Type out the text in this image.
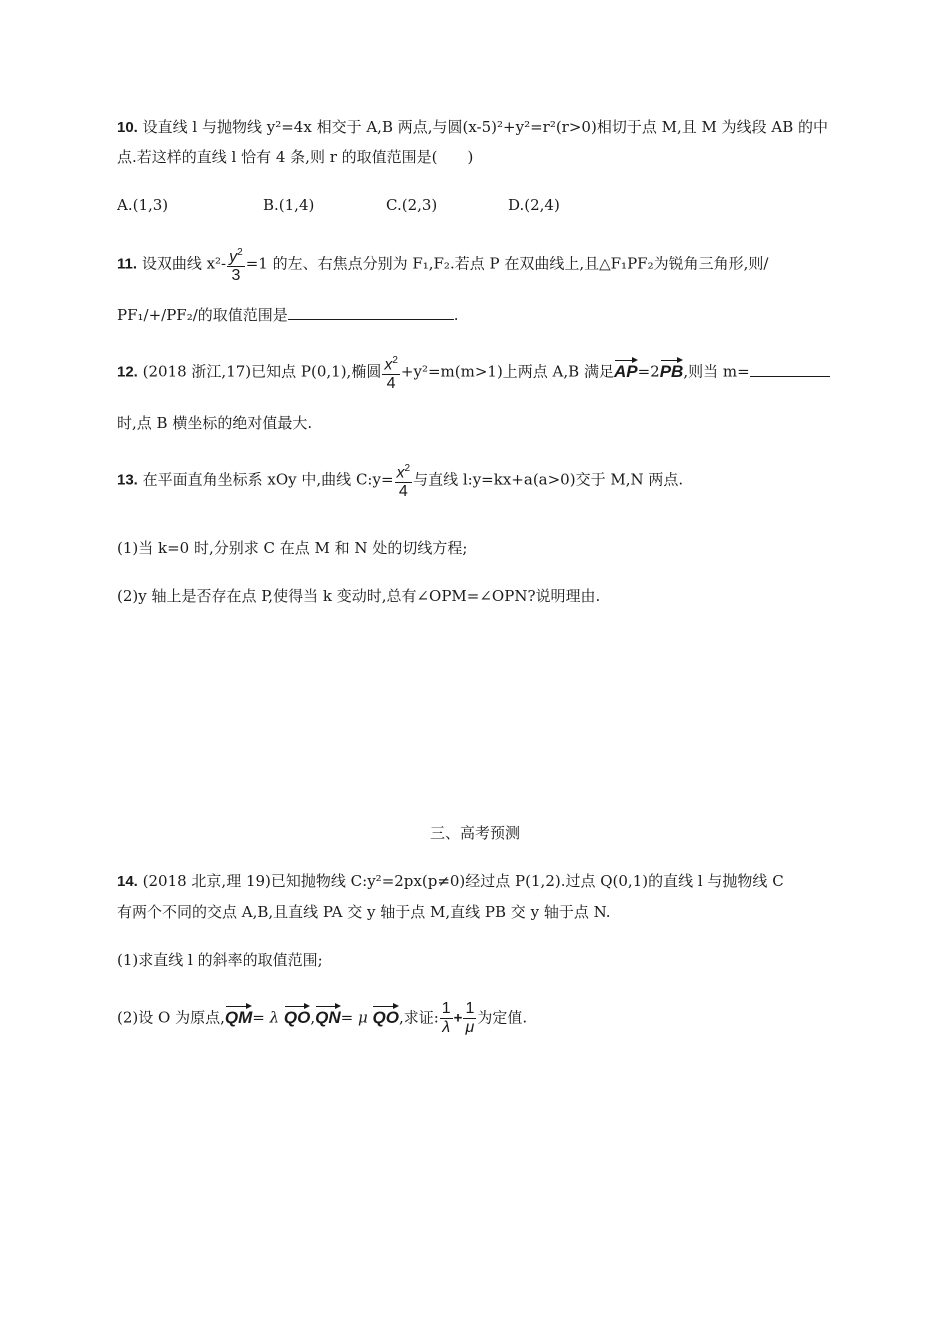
10. 设直线 l 与抛物线 y²=4x 相交于 A,B 两点,与圆(x-5)²+y²=r²(r>0)相切于点 M,且 M 为线段 AB 的中
点.若这样的直线 l 恰有 4 条,则 r 的取值范围是(　　)
A.(1,3)	B.(1,4)	C.(2,3)	D.(2,4)
11. 设双曲线 $x^2- \frac{y^2}{3} =1$ 的左、右焦点分别为 F₁,F₂.若点 P 在双曲线上,且△F₁PF₂为锐角三角形,则/
PF₁/+/PF₂/的取值范围是	.
12. (2018 浙江,17)已知点 P(0,1),椭圆 $\frac{x^2}{4} +y^2=m(m>1)$上两点 A,B 满足AP=2PB,则当 m=
时,点 B 横坐标的绝对值最大.
13. 在平面直角坐标系 xOy 中,曲线 C:y= $\frac{x^2}{4}$ 与直线 l:y=kx+a(a>0)交于 M,N 两点.
(1)当 k=0 时,分别求 C 在点 M 和 N 处的切线方程;
(2)y 轴上是否存在点 P,使得当 k 变动时,总有∠OPM=∠OPN?说明理由.
三、高考预测
14. (2018 北京,理 19)已知抛物线 C:y²=2px(p≠0)经过点 P(1,2).过点 Q(0,1)的直线 l 与抛物线 C
有两个不同的交点 A,B,且直线 PA 交 y 轴于点 M,直线 PB 交 y 轴于点 N.
(1)求直线 l 的斜率的取值范围;
(2)设 O 为原点,QM= λ QO,QN= μ QO,求证: $\frac{1}{\lambda} + \frac{1}{\mu}$ 为定值.
